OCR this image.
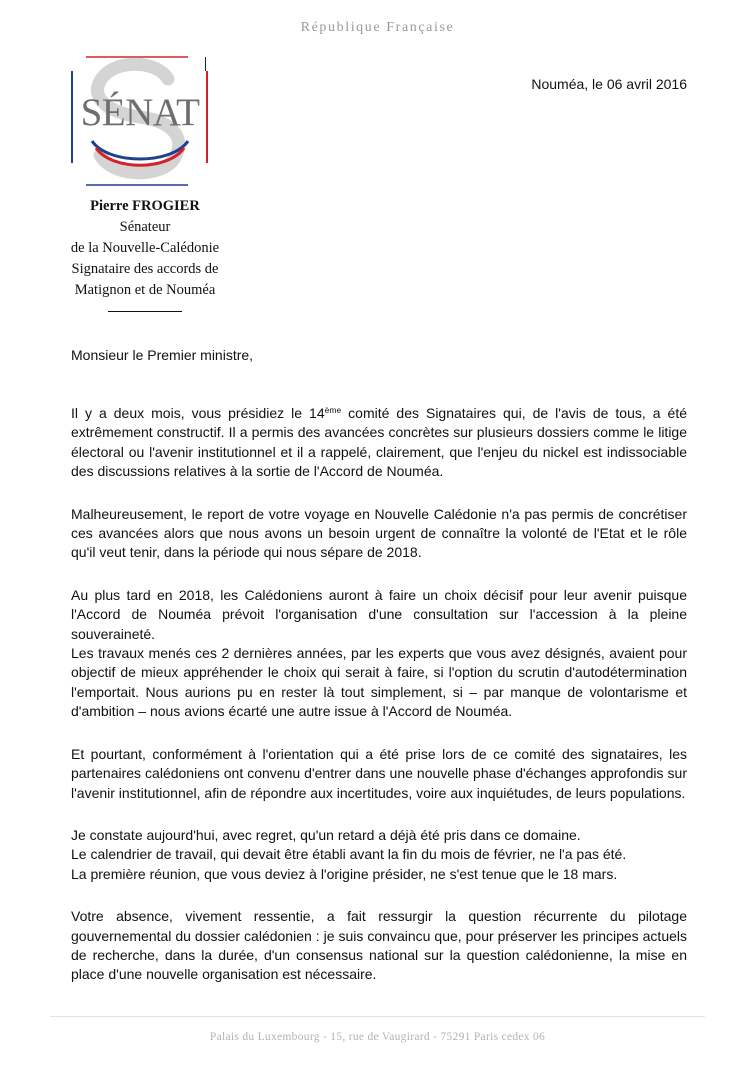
République Française
SÉNAT
Nouméa, le 06 avril 2016
Pierre FROGIER
Sénateur
de la Nouvelle-Calédonie
Signataire des accords de
Matignon et de Nouméa
Monsieur le Premier ministre,

Il y a deux mois, vous présidiez le 14ème comité des Signataires qui, de l'avis de tous, a été extrêmement constructif. Il a permis des avancées concrètes sur plusieurs dossiers comme le litige électoral ou l'avenir institutionnel et il a rappelé, clairement, que l'enjeu du nickel est indissociable des discussions relatives à la sortie de l'Accord de Nouméa.

Malheureusement, le report de votre voyage en Nouvelle Calédonie n'a pas permis de concrétiser ces avancées alors que nous avons un besoin urgent de connaître la volonté de l'Etat et le rôle qu'il veut tenir, dans la période qui nous sépare de 2018.

Au plus tard en 2018, les Calédoniens auront à faire un choix décisif pour leur avenir puisque l'Accord de Nouméa prévoit l'organisation d'une consultation sur l'accession à la pleine souveraineté.
Les travaux menés ces 2 dernières années, par les experts que vous avez désignés, avaient pour objectif de mieux appréhender le choix qui serait à faire, si l'option du scrutin d'autodétermination l'emportait. Nous aurions pu en rester là tout simplement, si – par manque de volontarisme et d'ambition – nous avions écarté une autre issue à l'Accord de Nouméa.

Et pourtant, conformément à l'orientation qui a été prise lors de ce comité des signataires, les partenaires calédoniens ont convenu d'entrer dans une nouvelle phase d'échanges approfondis sur l'avenir institutionnel, afin de répondre aux incertitudes, voire aux inquiétudes, de leurs populations.

Je constate aujourd'hui, avec regret, qu'un retard a déjà été pris dans ce domaine.
Le calendrier de travail, qui devait être établi avant la fin du mois de février, ne l'a pas été.
La première réunion, que vous deviez à l'origine présider, ne s'est tenue que le 18 mars.

Votre absence, vivement ressentie, a fait ressurgir la question récurrente du pilotage gouvernemental du dossier calédonien : je suis convaincu que, pour préserver les principes actuels de recherche, dans la durée, d'un consensus national sur la question calédonienne, la mise en place d'une nouvelle organisation est nécessaire.

Palais du Luxembourg - 15, rue de Vaugirard - 75291 Paris cedex 06
